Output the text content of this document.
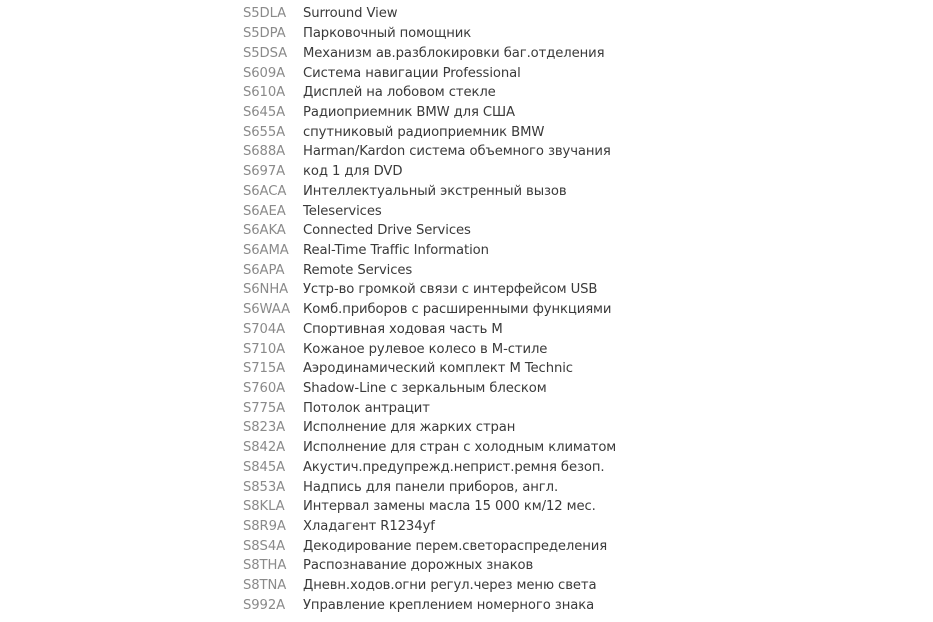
S5DLA	Surround View
S5DPA	Парковочный помощник
S5DSA	Механизм ав.разблокировки баг.отделения
S609A	Система навигации Professional
S610A	Дисплей на лобовом стекле
S645A	Радиоприемник BMW для США
S655A	спутниковый радиоприемник BMW
S688A	Harman/Kardon система объемного звучания
S697A	код 1 для DVD
S6ACA	Интеллектуальный экстренный вызов
S6AEA	Teleservices
S6AKA	Connected Drive Services
S6AMA	Real-Time Traffic Information
S6APA	Remote Services
S6NHA	Устр-во громкой связи с интерфейсом USB
S6WAA Комб.приборов с расширенными функциями
S704A	Спортивная ходовая часть М
S710A	Кожаное рулевое колесо в М-стиле
S715A	Аэродинамический комплект M Technic
S760A	Shadow-Line с зеркальным блеском
S775A	Потолок антрацит
S823A	Исполнение для жарких стран
S842A	Исполнение для стран с холодным климатом
S845A	Акустич.предупрежд.неприст.ремня безоп.
S853A	Надпись для панели приборов, англ.
S8KLA	Интервал замены масла 15 000 км/12 мес.
S8R9A	Хладагент R1234yf
S8S4A	Декодирование перем.светораспределения
S8THA	Распознавание дорожных знаков
S8TNA	Дневн.ходов.огни регул.через меню света
S992A	Управление креплением номерного знака
